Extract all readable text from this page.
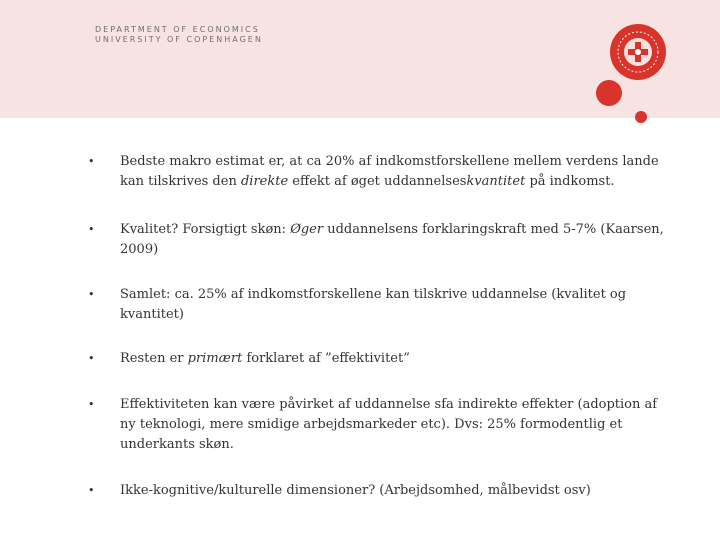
DEPARTMENT OF ECONOMICS
UNIVERSITY OF COPENHAGEN
•	Bedste makro estimat er, at ca 20% af indkomstforskellene mellem verdens lande kan tilskrives den direkte effekt af øget uddannelseskvantitet på indkomst.
•	Kvalitet? Forsigtigt skøn: Øger uddannelsens forklaringskraft med 5-7% (Kaarsen, 2009)
•	Samlet: ca. 25% af indkomstforskellene kan tilskrive uddannelse (kvalitet og kvantitet)
•	Resten er primært forklaret af ”effektivitet”
•	Effektiviteten kan være påvirket af uddannelse sfa indirekte effekter (adoption af ny teknologi, mere smidige arbejdsmarkeder etc). Dvs: 25% formodentlig et underkants skøn.
•	Ikke-kognitive/kulturelle dimensioner? (Arbejdsomhed, målbevidst osv)
